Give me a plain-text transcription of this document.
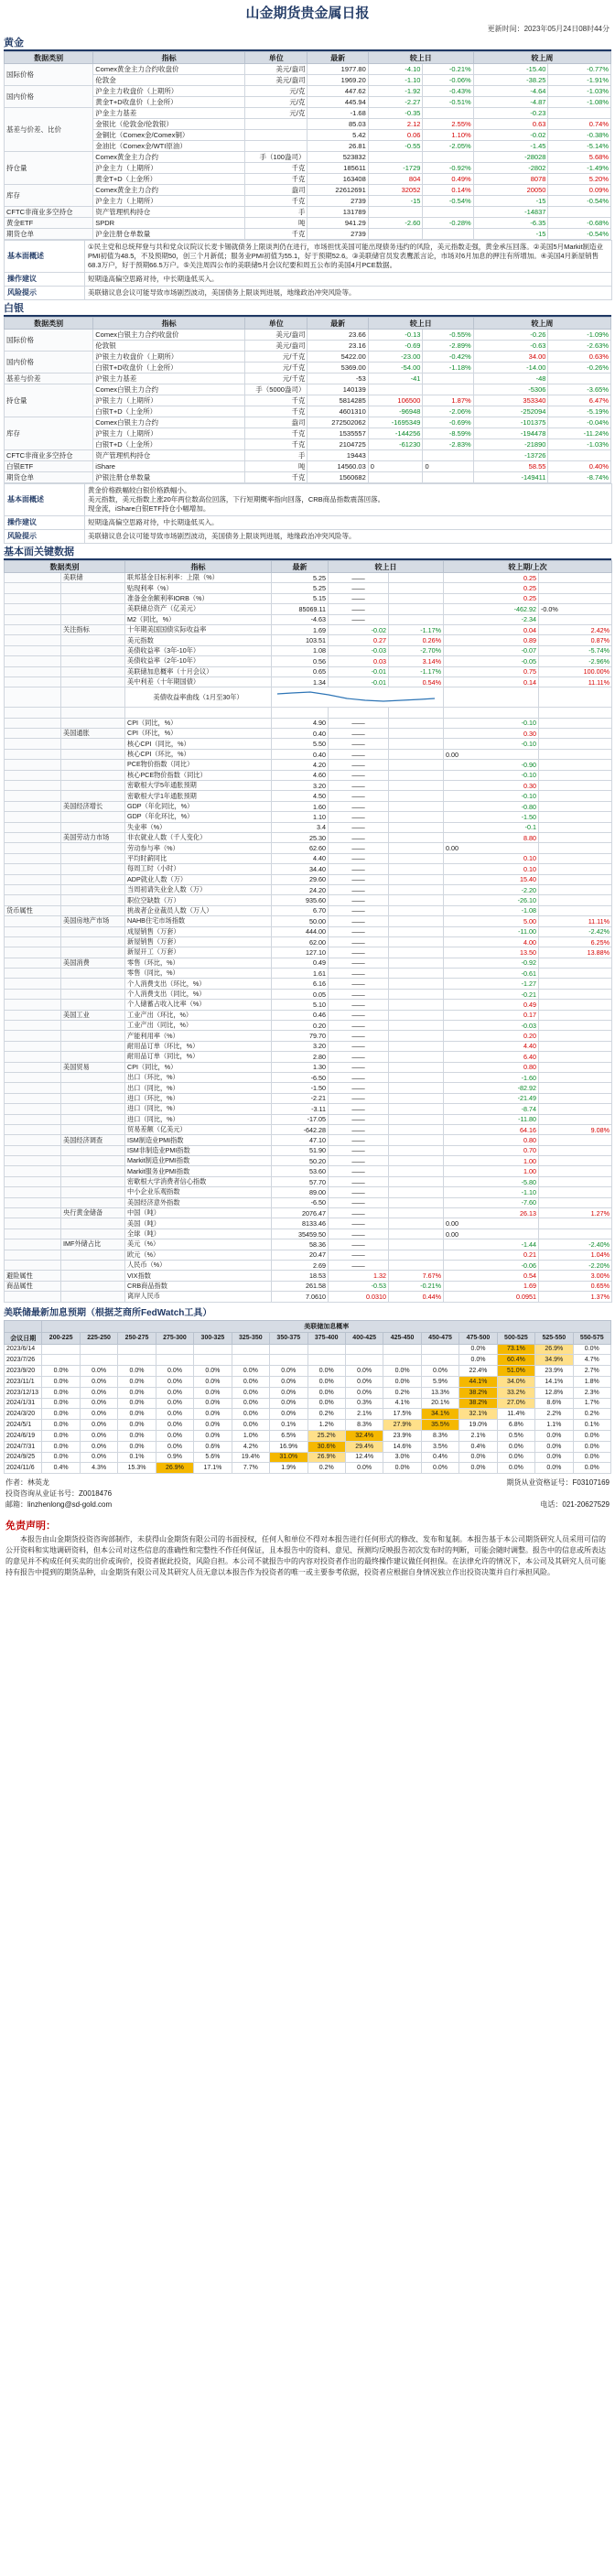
山金期货贵金属日报
更新时间：2023年05月24日08时44分
黄金
数据类别	指标	单位	最新	较上日		较上周	
国际价格	Comex黄金主力合约收盘价	美元/盎司	1977.80	-4.10	-0.21%	-15.40	-0.77%
	伦敦金	美元/盎司	1969.20	-1.10	-0.06%	-38.25	-1.91%
国内价格	沪金主力收盘价（上期所）	元/克	447.62	-1.92	-0.43%	-4.64	-1.03%
	黄金T+D收盘价（上金所）	元/克	445.94	-2.27	-0.51%	-4.87	-1.08%
基差与价差、比价	沪金主力基差	元/克	-1.68	-0.35		-0.23	
	金银比（伦敦金/伦敦银）		85.03	2.12	2.55%	0.63	0.74%
	金铜比（Comex金/Comex铜）		5.42	0.06	1.10%	-0.02	-0.38%
	金油比（Comex金/WTI原油）		26.81	-0.55	-2.05%	-1.45	-5.14%
持仓量	Comex黄金主力合约	手（100盎司）	523832			-28028	5.68%
	沪金主力（上期所）	千克	185611	-1729	-0.92%	-2802	-1.49%
	黄金T+D（上金所）	千克	163408	804	0.49%	8078	5.20%
库存	Comex黄金主力合约	盎司	22612691	32052	0.14%	20050	0.09%
	沪金主力（上期所）	千克	2739	-15	-0.54%	-15	-0.54%
CFTC非商业多空持仓	资产管理机构持仓	手	131789			-14837	
黄金ETF	SPDR	吨	941.29	-2.60	-0.28%	-6.35	-0.68%
期货仓单	沪金注册仓单数量	千克	2739			-15	-0.54%
基本面概述	①民主党和总统拜登与共和党众议院议长麦卡锡就债务上限谈判仍在进行，市场担忧美国可能出现债务违约的风险，美元指数走强，黄金承压回落。②美国5月Markit制造业PMI初值为48.5，不及预期50，创三个月新低；服务业PMI初值为55.1，好于预期52.6。③美联储官员发表鹰派言论，市场对6月加息的押注有所增加。④美国4月新屋销售68.3万户，好于预期66.5万户。⑤关注周四公布的美联储5月会议纪要和周五公布的美国4月PCE数据。
操作建议	短期逢高偏空思路对待，中长期逢低买入。
风险提示	美联储议息会议可能导致市场剧烈波动，美国债务上限谈判进展，地缘政治冲突风险等。
白银
数据类别	指标	单位	最新	较上日		较上周	
国际价格	Comex白银主力合约收盘价	美元/盎司	23.66	-0.13	-0.55%	-0.26	-1.09%
	伦敦银	美元/盎司	23.16	-0.69	-2.89%	-0.63	-2.63%
国内价格	沪银主力收盘价（上期所）	元/千克	5422.00	-23.00	-0.42%	34.00	0.63%
	白银T+D收盘价（上金所）	元/千克	5369.00	-54.00	-1.18%	-14.00	-0.26%
基差与价差	沪银主力基差	元/千克	-53	-41		-48	
持仓量	Comex白银主力合约	手（5000盎司）	140139			-5306	-3.65%
	沪银主力（上期所）	千克	5814285	106500	1.87%	353340	6.47%
	白银T+D（上金所）	千克	4601310	-96948	-2.06%	-252094	-5.19%
库存	Comex白银主力合约	盎司	272502062	-1695349	-0.69%	-101375	-0.04%
	沪银主力（上期所）	千克	1535557	-144256	-8.59%	-194478	-11.24%
	白银T+D（上金所）	千克	2104725	-61230	-2.83%	-21890	-1.03%
CFTC非商业多空持仓	资产管理机构持仓	手	19443			-13726	
白银ETF	iShare	吨	14560.03	0	0	58.55	0.40%
期货仓单	沪银注册仓单数量	千克	1560682			-149411	-8.74%
基本面概述	黄金价格跌幅较白银价格跌幅小。
美元指数，美元指数上涨20年两位数高位回落，下行短期概率指向回落，CRB商品指数震荡回落。
现金流，iShare白银ETF持仓小幅增加。
操作建议	短期逢高偏空思路对待，中长期逢低买入。
风险提示	美联储议息会议可能导致市场剧烈波动，美国债务上限谈判进展，地缘政治冲突风险等。
基本面关键数据
数据类别		指标	最新	较上日		较上期/上次	
	美联储	联邦基金目标利率：上限（%）	5.25	——		0.25	
		贴现利率（%）	5.25	——		0.25	
		准备金余额利率IORB（%）	5.15	——		0.25	
		美联储总资产（亿美元）	85069.11	——		-462.92	-0.0%
		M2（同比，%）	-4.63	——		-2.34	
	关注指标	十年期美国国债实际收益率	1.69	-0.02	-1.17%	0.04	2.42%
		美元指数	103.51	0.27	0.26%	0.89	0.87%
		美债收益率（3年-10年）	1.08	-0.03	-2.70%	-0.07	-5.74%
		美债收益率（2年-10年）	0.56	0.03	3.14%	-0.05	-2.96%
		美联储加息概率（十月会议）	0.65	-0.01	-1.17%	0.75	100.00%
		美中利差（十年期国债）	1.34	-0.01	0.54%	0.14	11.11%
		美债收益率曲线（1月至30年）	

		CPI（同比，%）	4.90	——		-0.10	
	美国通胀	CPI（环比，%）	0.40	——		0.30	
		核心CPI（同比，%）	5.50	——		-0.10	
		核心CPI（环比，%）	0.40	——		0.00	
		PCE物价指数（同比）	4.20	——		-0.90	
		核心PCE物价指数（同比）	4.60	——		-0.10	
		密歇根大学5年通胀预期	3.20	——		0.30	
		密歇根大学1年通胀预期	4.50	——		-0.10	
	美国经济增长	GDP（年化同比，%）	1.60	——		-0.80	
		GDP（年化环比，%）	1.10	——		-1.50	
		失业率（%）	3.4	——		-0.1	
	美国劳动力市场	非农就业人数（千人变化）	25.30	——		8.80	
		劳动参与率（%）	62.60	——		0.00	
		平均时薪同比	4.40	——		0.10	
		每周工时（小时）	34.40	——		0.10	
		ADP就业人数（万）	29.60	——		15.40	
		当周初请失业金人数（万）	24.20	——		-2.20	
		职位空缺数（万）	935.60	——		-26.10	
货币属性		挑战者企业裁员人数（万人）	6.70	——		-1.08	
	美国房地产市场	NAHB住宅市场指数	50.00	——		5.00	11.11%
		成屋销售（万套）	444.00	——		-11.00	-2.42%
		新屋销售（万套）	62.00	——		4.00	6.25%
		新屋开工（万套）	127.10	——		13.50	13.88%
	美国消费	零售（环比，%）	0.49	——		-0.92	
		零售（同比，%）	1.61	——		-0.61	
		个人消费支出（环比，%）	6.16	——		-1.27	
		个人消费支出（同比，%）	0.05	——		-0.21	
		个人储蓄占收入比率（%）	5.10	——		0.49	
	美国工业	工业产出（环比，%）	0.46	——		0.17	
		工业产出（同比，%）	0.20	——		-0.03	
		产能利用率（%）	79.70	——		0.20	
		耐用品订单（环比，%）	3.20	——		4.40	
		耐用品订单（同比，%）	2.80	——		6.40	
	美国贸易	CPI（同比，%）	1.30	——		0.80	
		出口（环比，%）	-6.50	——		-1.60	
		出口（同比，%）	-1.50	——		-82.92	
		进口（环比，%）	-2.21	——		-21.49	
		进口（同比，%）	-3.11	——		-8.74	
		进口（同比，%）	-17.05	——		-11.80	
		贸易差额（亿美元）	-642.28	——		64.16	9.08%
	美国经济调查	ISM制造业PMI指数	47.10	——		0.80	
		ISM非制造业PMI指数	51.90	——		0.70	
		Markit制造业PMI指数	50.20	——		1.00	
		Markit服务业PMI指数	53.60	——		1.00	
		密歇根大学消费者信心指数	57.70	——		-5.80	
		中小企业乐观指数	89.00	——		-1.10	
		美国经济意外指数	-6.50	——		-7.60	
	央行黄金储备	中国（吨）	2076.47	——		26.13	1.27%
		美国（吨）	8133.46	——		0.00	
		全球（吨）	35459.50	——		0.00	
	IMF外储占比	美元（%）	58.36	——		-1.44	-2.40%
		欧元（%）	20.47	——		0.21	1.04%
		人民币（%）	2.69	——		-0.06	-2.20%
避险属性		VIX指数	18.53	1.32	7.67%	0.54	3.00%
商品属性		CRB商品指数	261.58	-0.53	-0.21%	1.69	0.65%
		离岸人民币	7.0610	0.0310	0.44%	0.0951	1.37%
美联储最新加息预期（根据芝商所FedWatch工具）
	美联储加息概率														
会议日期	200-225	225-250	250-275	275-300	300-325	325-350	350-375	375-400	400-425	425-450	450-475	475-500	500-525	525-550	550-575
2023/6/14												0.0%	73.1%	26.9%	0.0%
2023/7/26												0.0%	60.4%	34.9%	4.7%
2023/9/20	0.0%	0.0%	0.0%	0.0%	0.0%	0.0%	0.0%	0.0%	0.0%	0.0%	0.0%	22.4%	51.0%	23.9%	2.7%
2023/11/1	0.0%	0.0%	0.0%	0.0%	0.0%	0.0%	0.0%	0.0%	0.0%	0.0%	5.9%	44.1%	34.0%	14.1%	1.8%
2023/12/13	0.0%	0.0%	0.0%	0.0%	0.0%	0.0%	0.0%	0.0%	0.0%	0.2%	13.3%	38.2%	33.2%	12.8%	2.3%
2024/1/31	0.0%	0.0%	0.0%	0.0%	0.0%	0.0%	0.0%	0.0%	0.3%	4.1%	20.1%	38.2%	27.0%	8.6%	1.7%
2024/3/20	0.0%	0.0%	0.0%	0.0%	0.0%	0.0%	0.0%	0.2%	2.1%	17.5%	34.1%	32.1%	11.4%	2.2%	0.2%
2024/5/1	0.0%	0.0%	0.0%	0.0%	0.0%	0.0%	0.1%	1.2%	8.3%	27.9%	35.5%	19.0%	6.8%	1.1%	0.1%
2024/6/19	0.0%	0.0%	0.0%	0.0%	0.0%	1.0%	6.5%	25.2%	32.4%	23.9%	8.3%	2.1%	0.5%	0.0%	0.0%
2024/7/31	0.0%	0.0%	0.0%	0.0%	0.6%	4.2%	16.9%	30.6%	29.4%	14.6%	3.5%	0.4%	0.0%	0.0%	0.0%
2024/9/25	0.0%	0.0%	0.1%	0.9%	5.6%	19.4%	31.0%	26.9%	12.4%	3.0%	0.4%	0.0%	0.0%	0.0%	0.0%
2024/11/6	0.4%	4.3%	15.3%	26.9%	17.1%	7.7%	1.9%	0.2%	0.0%	0.0%	0.0%	0.0%	0.0%	0.0%	0.0%
作者：林英龙	期货从业资格证号：F03107169
投资咨询从业证书号：Z0018476
邮箱：linzhenlong@sd-gold.com	电话：021-20627529
免责声明：
本报告由山金期货投资咨询部制作，未获得山金期货有限公司的书面授权，任何人和单位不得对本报告进行任何形式的修改、发布和复制。本报告基于本公司期货研究人员采用可信的公开资料和实地调研资料，但本公司对这些信息的准确性和完整性不作任何保证，且本报告中的资料、意见、预测均反映报告初次发布时的判断，可能会随时调整。报告中的信息或所表达的意见并不构成任何买卖的出价或询价，投资者据此投资，风险自担。本公司不就报告中的内容对投资者作出的最终操作建议做任何担保。在法律允许的情况下，本公司及其研究人员可能持有报告中提到的期货品种，山金期货有限公司及其研究人员无意以本报告作为投资者的唯一或主要参考依据，投资者应根据自身情况独立作出投资决策并自行承担风险。
